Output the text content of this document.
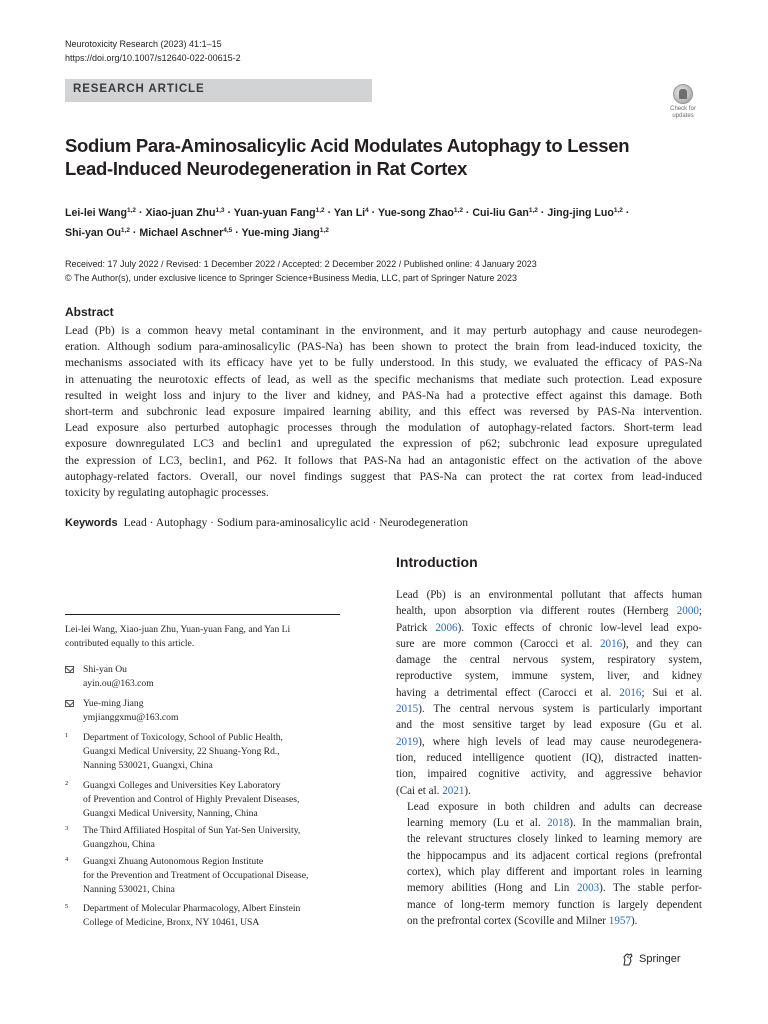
Neurotoxicity Research (2023) 41:1–15
https://doi.org/10.1007/s12640-022-00615-2
RESEARCH ARTICLE
Check for updates
Sodium Para-Aminosalicylic Acid Modulates Autophagy to Lessen
Lead-Induced Neurodegeneration in Rat Cortex
Lei-lei Wang$^{1,2}$ · Xiao-juan Zhu$^{1,3}$ · Yuan-yuan Fang$^{1,2}$ · Yan $Li^4$ · Yue-song Zhao$^{1,2}$ · Cui-liu Gan$^{1,2}$ · Jing-jing Luo$^{1,2}$ ·
Shi-yan Ou$^{1,2}$ · Michael Aschner$^{4,5}$ · Yue-ming Jiang$^{1,2}$
Received: 17 July 2022 / Revised: 1 December 2022 / Accepted: 2 December 2022 / Published online: 4 January 2023
© The Author(s), under exclusive licence to Springer Science+Business Media, LLC, part of Springer Nature 2023
Abstract
Lead (Pb) is a common heavy metal contaminant in the environment, and it may perturb autophagy and cause neurodegen-
eration. Although sodium para-aminosalicylic (PAS-Na) has been shown to protect the brain from lead-induced toxicity, the
mechanisms associated with its efficacy have yet to be fully understood. In this study, we evaluated the efficacy of PAS-Na
in attenuating the neurotoxic effects of lead, as well as the specific mechanisms that mediate such protection. Lead exposure
resulted in weight loss and injury to the liver and kidney, and PAS-Na had a protective effect against this damage. Both
short-term and subchronic lead exposure impaired learning ability, and this effect was reversed by PAS-Na intervention.
Lead exposure also perturbed autophagic processes through the modulation of autophagy-related factors. Short-term lead
exposure downregulated LC3 and beclin1 and upregulated the expression of p62; subchronic lead exposure upregulated
the expression of LC3, beclin1, and P62. It follows that PAS-Na had an antagonistic effect on the activation of the above
autophagy-related factors. Overall, our novel findings suggest that PAS-Na can protect the rat cortex from lead-induced
toxicity by regulating autophagic processes.
Keywords Lead · Autophagy · Sodium para-aminosalicylic acid · Neurodegeneration
Introduction

Lead (Pb) is an environmental pollutant that affects human
health, upon absorption via different routes (Hernberg 2000;
Patrick 2006). Toxic effects of chronic low-level lead expo-
sure are more common (Carocci et al. 2016), and they can
damage the central nervous system, respiratory system,
reproductive system, immune system, liver, and kidney
having a detrimental effect (Carocci et al. 2016; Sui et al.
2015). The central nervous system is particularly important
and the most sensitive target by lead exposure (Gu et al.
2019), where high levels of lead may cause neurodegenera-
tion, reduced intelligence quotient (IQ), distracted inatten-
tion, impaired cognitive activity, and aggressive behavior
(Cai et al. 2021).

Lead exposure in both children and adults can decrease
learning memory (Lu et al. 2018). In the mammalian brain,
the relevant structures closely linked to learning memory are
the hippocampus and its adjacent cortical regions (prefrontal
cortex), which play different and important roles in learning
memory abilities (Hong and Lin 2003). The stable perfor-
mance of long-term memory function is largely dependent
on the prefrontal cortex (Scoville and Milner 1957).

Lei-lei Wang, Xiao-juan Zhu, Yuan-yuan Fang, and Yan Li
contributed equally to this article.
Shi-yan Ou
ayin.ou@163.com
Yue-ming Jiang
ymjianggxmu@163.com
1 Department of Toxicology, School of Public Health,
Guangxi Medical University, 22 Shuang-Yong Rd.,
Nanning 530021, Guangxi, China
2 Guangxi Colleges and Universities Key Laboratory
of Prevention and Control of Highly Prevalent Diseases,
Guangxi Medical University, Nanning, China
3 The Third Affiliated Hospital of Sun Yat-Sen University,
Guangzhou, China
4 Guangxi Zhuang Autonomous Region Institute
for the Prevention and Treatment of Occupational Disease,
Nanning 530021, China
5 Department of Molecular Pharmacology, Albert Einstein
College of Medicine, Bronx, NY 10461, USA
Springer
